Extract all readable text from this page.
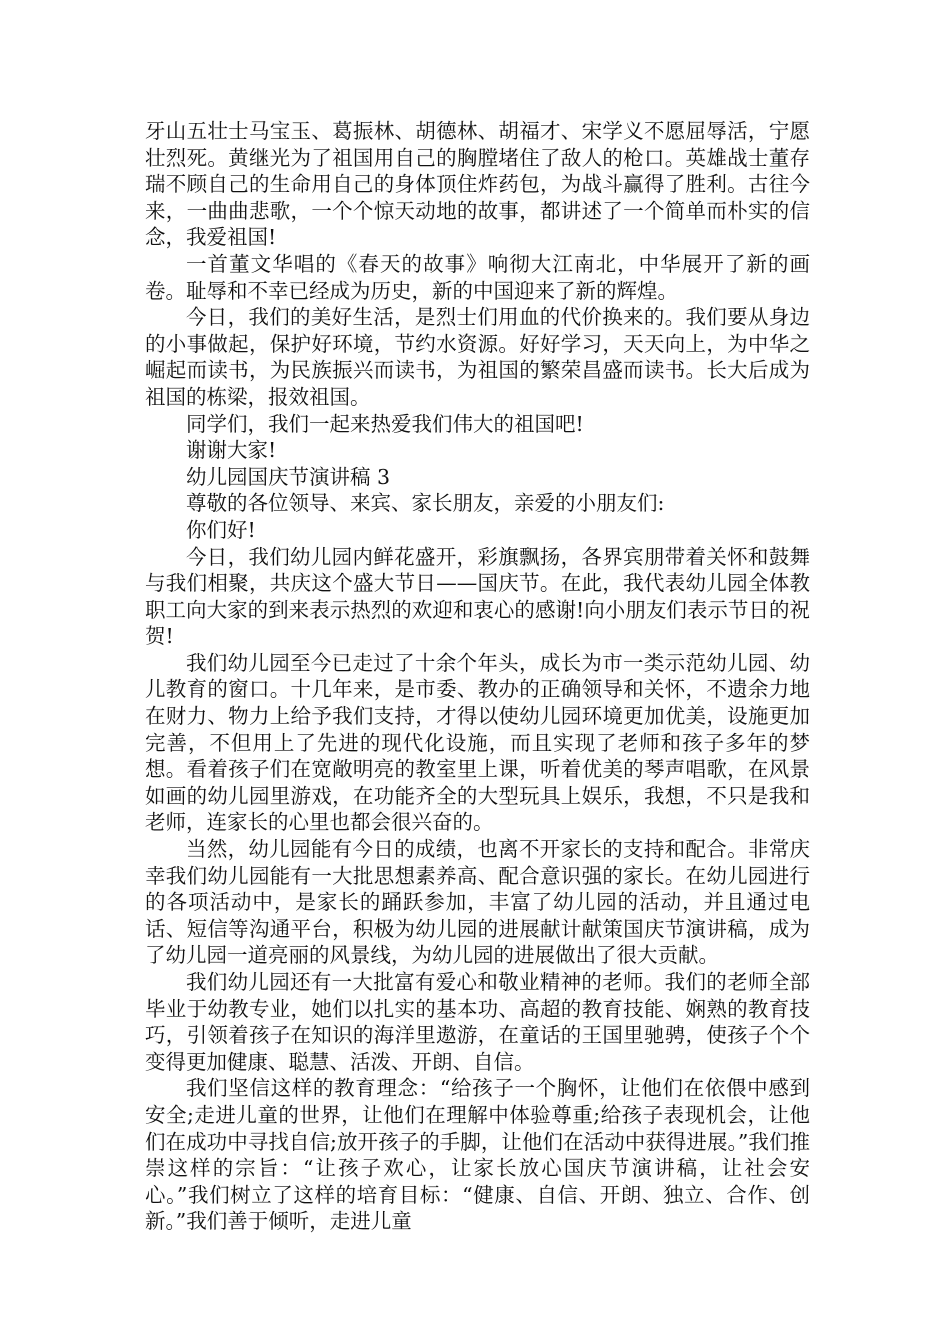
牙山五壮士马宝玉、葛振林、胡德林、胡福才、宋学义不愿屈辱活，宁愿壮烈死。黄继光为了祖国用自己的胸膛堵住了敌人的枪口。英雄战士董存瑞不顾自己的生命用自己的身体顶住炸药包，为战斗赢得了胜利。古往今来，一曲曲悲歌，一个个惊天动地的故事，都讲述了一个简单而朴实的信念，我爱祖国!

一首董文华唱的《春天的故事》响彻大江南北，中华展开了新的画卷。耻辱和不幸已经成为历史，新的中国迎来了新的辉煌。

今日，我们的美好生活，是烈士们用血的代价换来的。我们要从身边的小事做起，保护好环境，节约水资源。好好学习，天天向上，为中华之崛起而读书，为民族振兴而读书，为祖国的繁荣昌盛而读书。长大后成为祖国的栋梁，报效祖国。

同学们，我们一起来热爱我们伟大的祖国吧!

谢谢大家!

幼儿园国庆节演讲稿 3

尊敬的各位领导、来宾、家长朋友，亲爱的小朋友们:

你们好!

今日，我们幼儿园内鲜花盛开，彩旗飘扬，各界宾朋带着关怀和鼓舞与我们相聚，共庆这个盛大节日——国庆节。在此，我代表幼儿园全体教职工向大家的到来表示热烈的欢迎和衷心的感谢!向小朋友们表示节日的祝贺!

我们幼儿园至今已走过了十余个年头，成长为市一类示范幼儿园、幼儿教育的窗口。十几年来，是市委、教办的正确领导和关怀，不遗余力地在财力、物力上给予我们支持，才得以使幼儿园环境更加优美，设施更加完善，不但用上了先进的现代化设施，而且实现了老师和孩子多年的梦想。看着孩子们在宽敞明亮的教室里上课，听着优美的琴声唱歌，在风景如画的幼儿园里游戏，在功能齐全的大型玩具上娱乐，我想，不只是我和老师，连家长的心里也都会很兴奋的。

当然，幼儿园能有今日的成绩，也离不开家长的支持和配合。非常庆幸我们幼儿园能有一大批思想素养高、配合意识强的家长。在幼儿园进行的各项活动中，是家长的踊跃参加，丰富了幼儿园的活动，并且通过电话、短信等沟通平台，积极为幼儿园的进展献计献策国庆节演讲稿，成为了幼儿园一道亮丽的风景线，为幼儿园的进展做出了很大贡献。

我们幼儿园还有一大批富有爱心和敬业精神的老师。我们的老师全部毕业于幼教专业，她们以扎实的基本功、高超的教育技能、娴熟的教育技巧，引领着孩子在知识的海洋里遨游，在童话的王国里驰骋，使孩子个个变得更加健康、聪慧、活泼、开朗、自信。

我们坚信这样的教育理念：“给孩子一个胸怀，让他们在依偎中感到安全;走进儿童的世界，让他们在理解中体验尊重;给孩子表现机会，让他们在成功中寻找自信;放开孩子的手脚，让他们在活动中获得进展。”我们推崇这样的宗旨：“让孩子欢心，让家长放心国庆节演讲稿，让社会安心。”我们树立了这样的培育目标：“健康、自信、开朗、独立、合作、创新。”我们善于倾听，走进儿童
